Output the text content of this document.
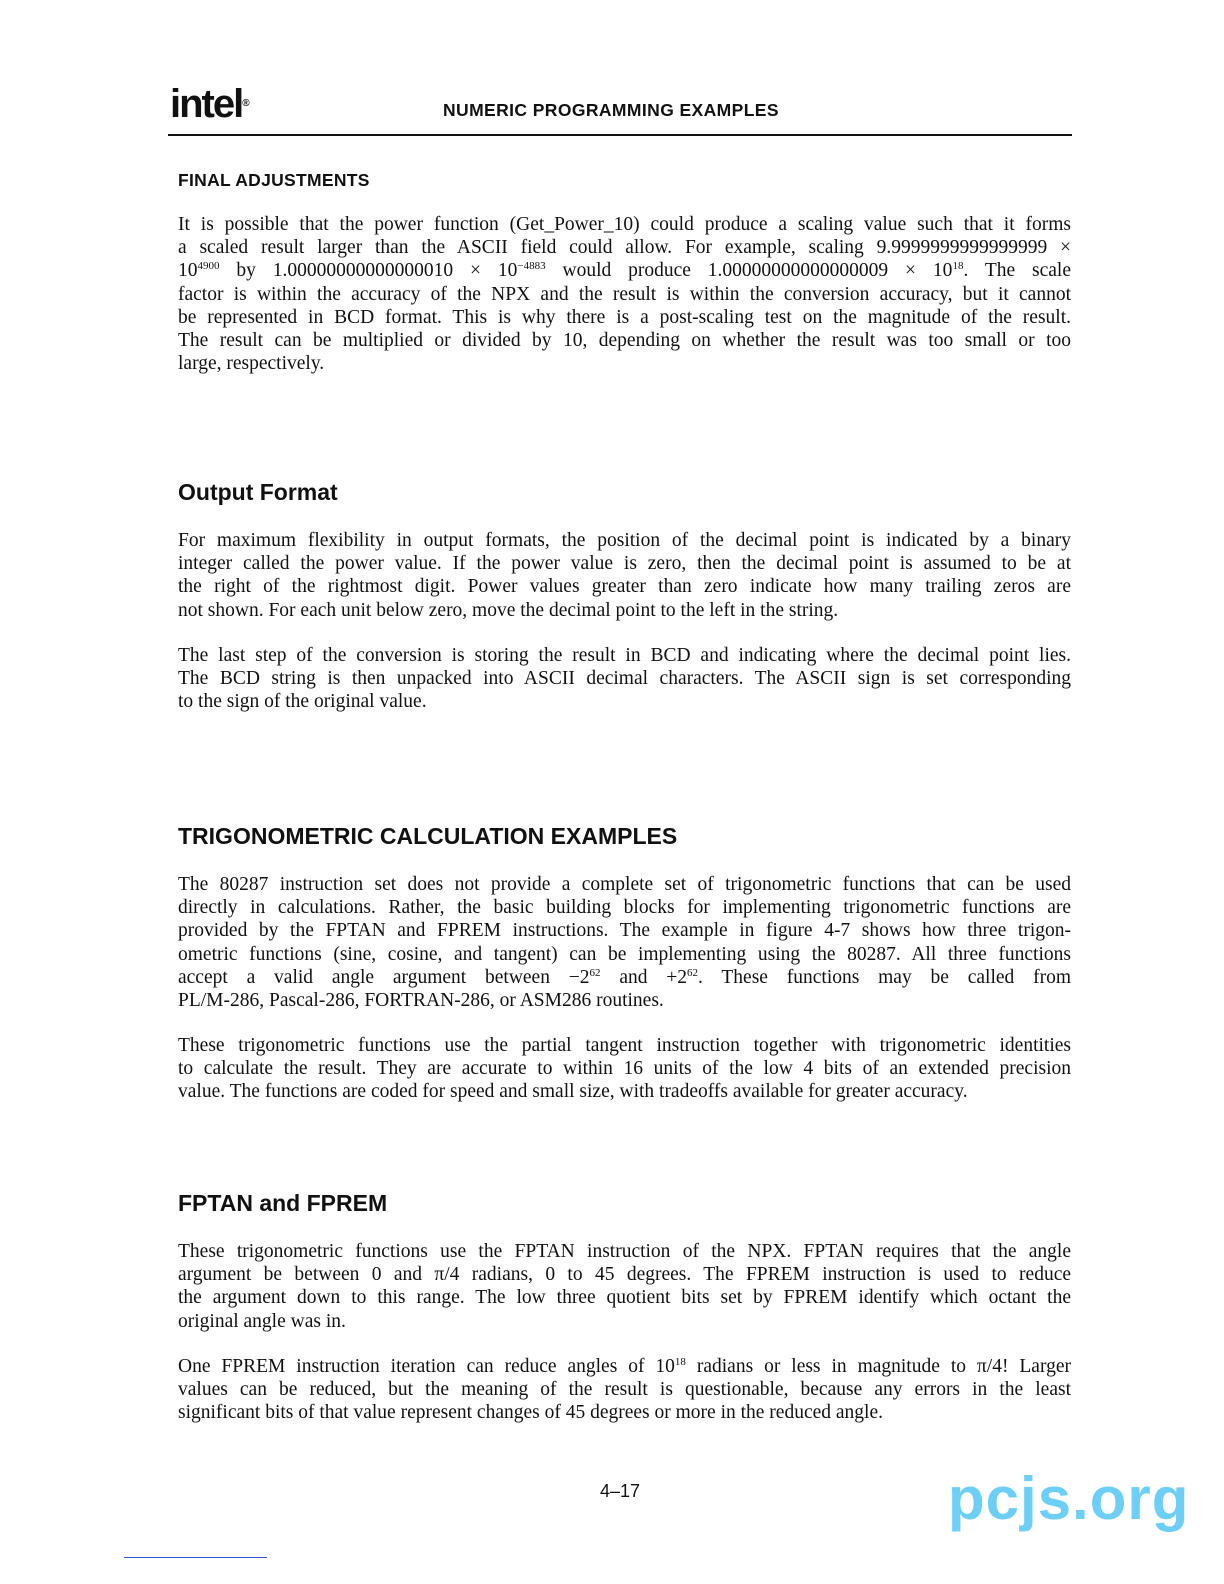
intel®	NUMERIC PROGRAMMING EXAMPLES
FINAL ADJUSTMENTS
It is possible that the power function (Get_Power_10) could produce a scaling value such that it forms
a scaled result larger than the ASCII field could allow. For example, scaling 9.9999999999999999 ×
$10^{4900}$ by $1.00000000000000010 \times 10^{-4883}$ would produce $1.00000000000000009 \times 10^{18}$. The scale
factor is within the accuracy of the NPX and the result is within the conversion accuracy, but it cannot
be represented in BCD format. This is why there is a post-scaling test on the magnitude of the result.
The result can be multiplied or divided by 10, depending on whether the result was too small or too
large, respectively.
Output Format
For maximum flexibility in output formats, the position of the decimal point is indicated by a binary
integer called the power value. If the power value is zero, then the decimal point is assumed to be at
the right of the rightmost digit. Power values greater than zero indicate how many trailing zeros are
not shown. For each unit below zero, move the decimal point to the left in the string.
The last step of the conversion is storing the result in BCD and indicating where the decimal point lies.
The BCD string is then unpacked into ASCII decimal characters. The ASCII sign is set corresponding
to the sign of the original value.
TRIGONOMETRIC CALCULATION EXAMPLES
The 80287 instruction set does not provide a complete set of trigonometric functions that can be used
directly in calculations. Rather, the basic building blocks for implementing trigonometric functions are
provided by the FPTAN and FPREM instructions. The example in figure 4-7 shows how three trigon-
ometric functions (sine, cosine, and tangent) can be implementing using the 80287. All three functions
accept a valid angle argument between $-2^{62}$ and $+2^{62}$. These functions may be called from
PL/M-286, Pascal-286, FORTRAN-286, or ASM286 routines.
These trigonometric functions use the partial tangent instruction together with trigonometric identities
to calculate the result. They are accurate to within 16 units of the low 4 bits of an extended precision
value. The functions are coded for speed and small size, with tradeoffs available for greater accuracy.
FPTAN and FPREM
These trigonometric functions use the FPTAN instruction of the NPX. FPTAN requires that the angle
argument be between 0 and π/4 radians, 0 to 45 degrees. The FPREM instruction is used to reduce
the argument down to this range. The low three quotient bits set by FPREM identify which octant the
original angle was in.
One FPREM instruction iteration can reduce angles of $10^{18}$ radians or less in magnitude to π/4! Larger
values can be reduced, but the meaning of the result is questionable, because any errors in the least
significant bits of that value represent changes of 45 degrees or more in the reduced angle.
4–17	pcjs.org
